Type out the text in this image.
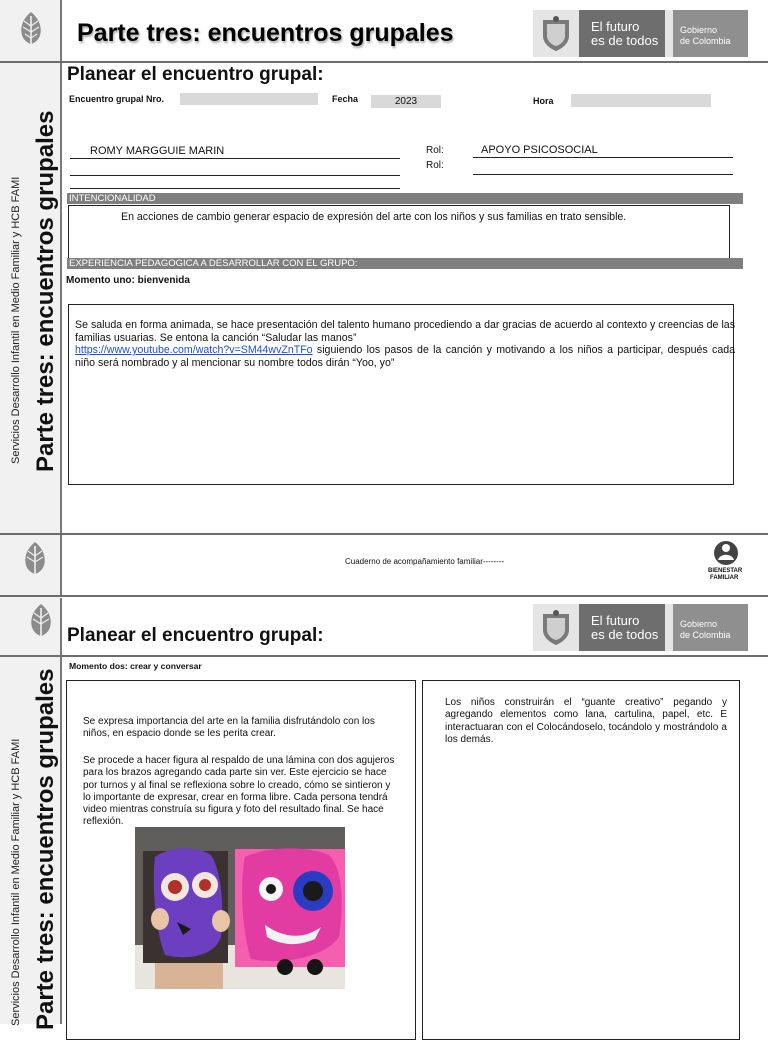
Parte tres: encuentros grupales	El futuro
es de todos
Gobierno
de Colombia
Parte tres: encuentros grupales
Servicios Desarrollo Infantil en Medio Familiar y HCB FAMI
Planear el encuentro grupal:
Encuentro grupal Nro.	Fecha	2023	Hora
ROMY MARGGUIE MARIN	Rol:	APOYO PSICOSOCIAL
Rol:
INTENCIONALIDAD
En acciones de cambio generar espacio de expresión del arte con los niños y sus familias en trato sensible.
EXPERIENCIA PEDAGOGICA A DESARROLLAR CON EL GRUPO:
Momento uno: bienvenida
Se saluda en forma animada, se hace presentación del talento humano procediendo a dar gracias de acuerdo al contexto y creencias de las familias usuarias. Se entona la canción “Saludar las manos”
https://www.youtube.com/watch?v=SM44wvZnTFo siguiendo los pasos de la canción y motivando a los niños a participar, después cada niño será nombrado y al mencionar su nombre todos dirán “Yoo, yo”
Cuaderno de acompañamiento familiar--------
BIENESTAR
FAMILIAR
Planear el encuentro grupal:
El futuro
es de todos
Gobierno
de Colombia
Parte tres: encuentros grupales
Servicios Desarrollo Infantil en Medio Familiar y HCB FAMI
Momento dos: crear y conversar
Se expresa importancia del arte en la familia disfrutándolo con los niños, en espacio donde se les perita crear.
Se procede a hacer figura al respaldo de una lámina con dos agujeros para los brazos agregando cada parte sin ver. Este ejercicio se hace por turnos y al final se reflexiona sobre lo creado, cómo se sintieron y lo importante de expresar, crear en forma libre. Cada persona tendrá video mientras construía su figura y foto del resultado final. Se hace reflexión.
Los niños construirán el “guante creativo” pegando y agregando elementos como lana, cartulina, papel, etc. E interactuaran con el Colocándoselo, tocándolo y mostrándolo a los demás.
